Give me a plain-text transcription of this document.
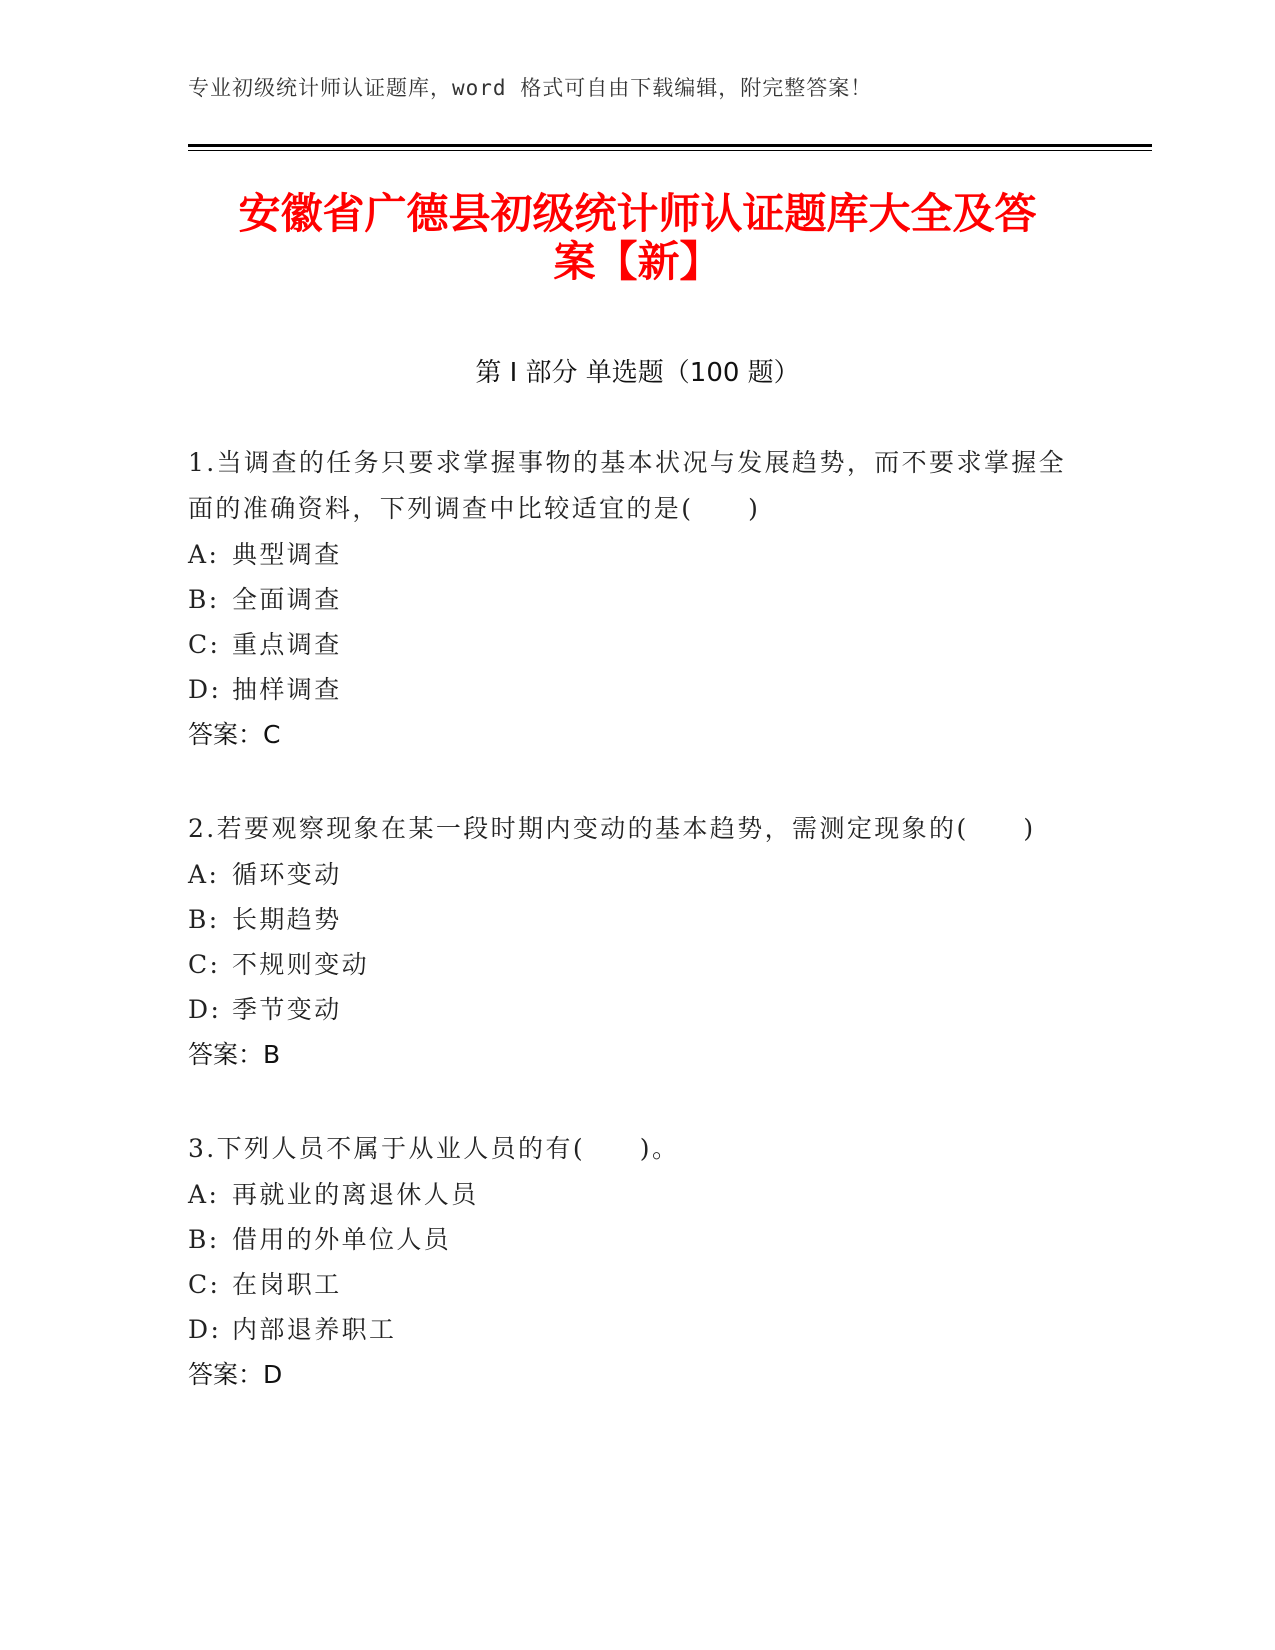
专业初级统计师认证题库，word 格式可自由下载编辑，附完整答案！
安徽省广德县初级统计师认证题库大全及答
案【新】
第 I 部分 单选题（100 题）
1.当调查的任务只要求掌握事物的基本状况与发展趋势，而不要求掌握全面的准确资料，下列调查中比较适宜的是(　　)
A: 典型调查
B: 全面调查
C: 重点调查
D: 抽样调查
答案：C
2.若要观察现象在某一段时期内变动的基本趋势，需测定现象的(　　)
A: 循环变动
B: 长期趋势
C: 不规则变动
D: 季节变动
答案：B
3.下列人员不属于从业人员的有(　　)。
A: 再就业的离退休人员
B: 借用的外单位人员
C: 在岗职工
D: 内部退养职工
答案：D
